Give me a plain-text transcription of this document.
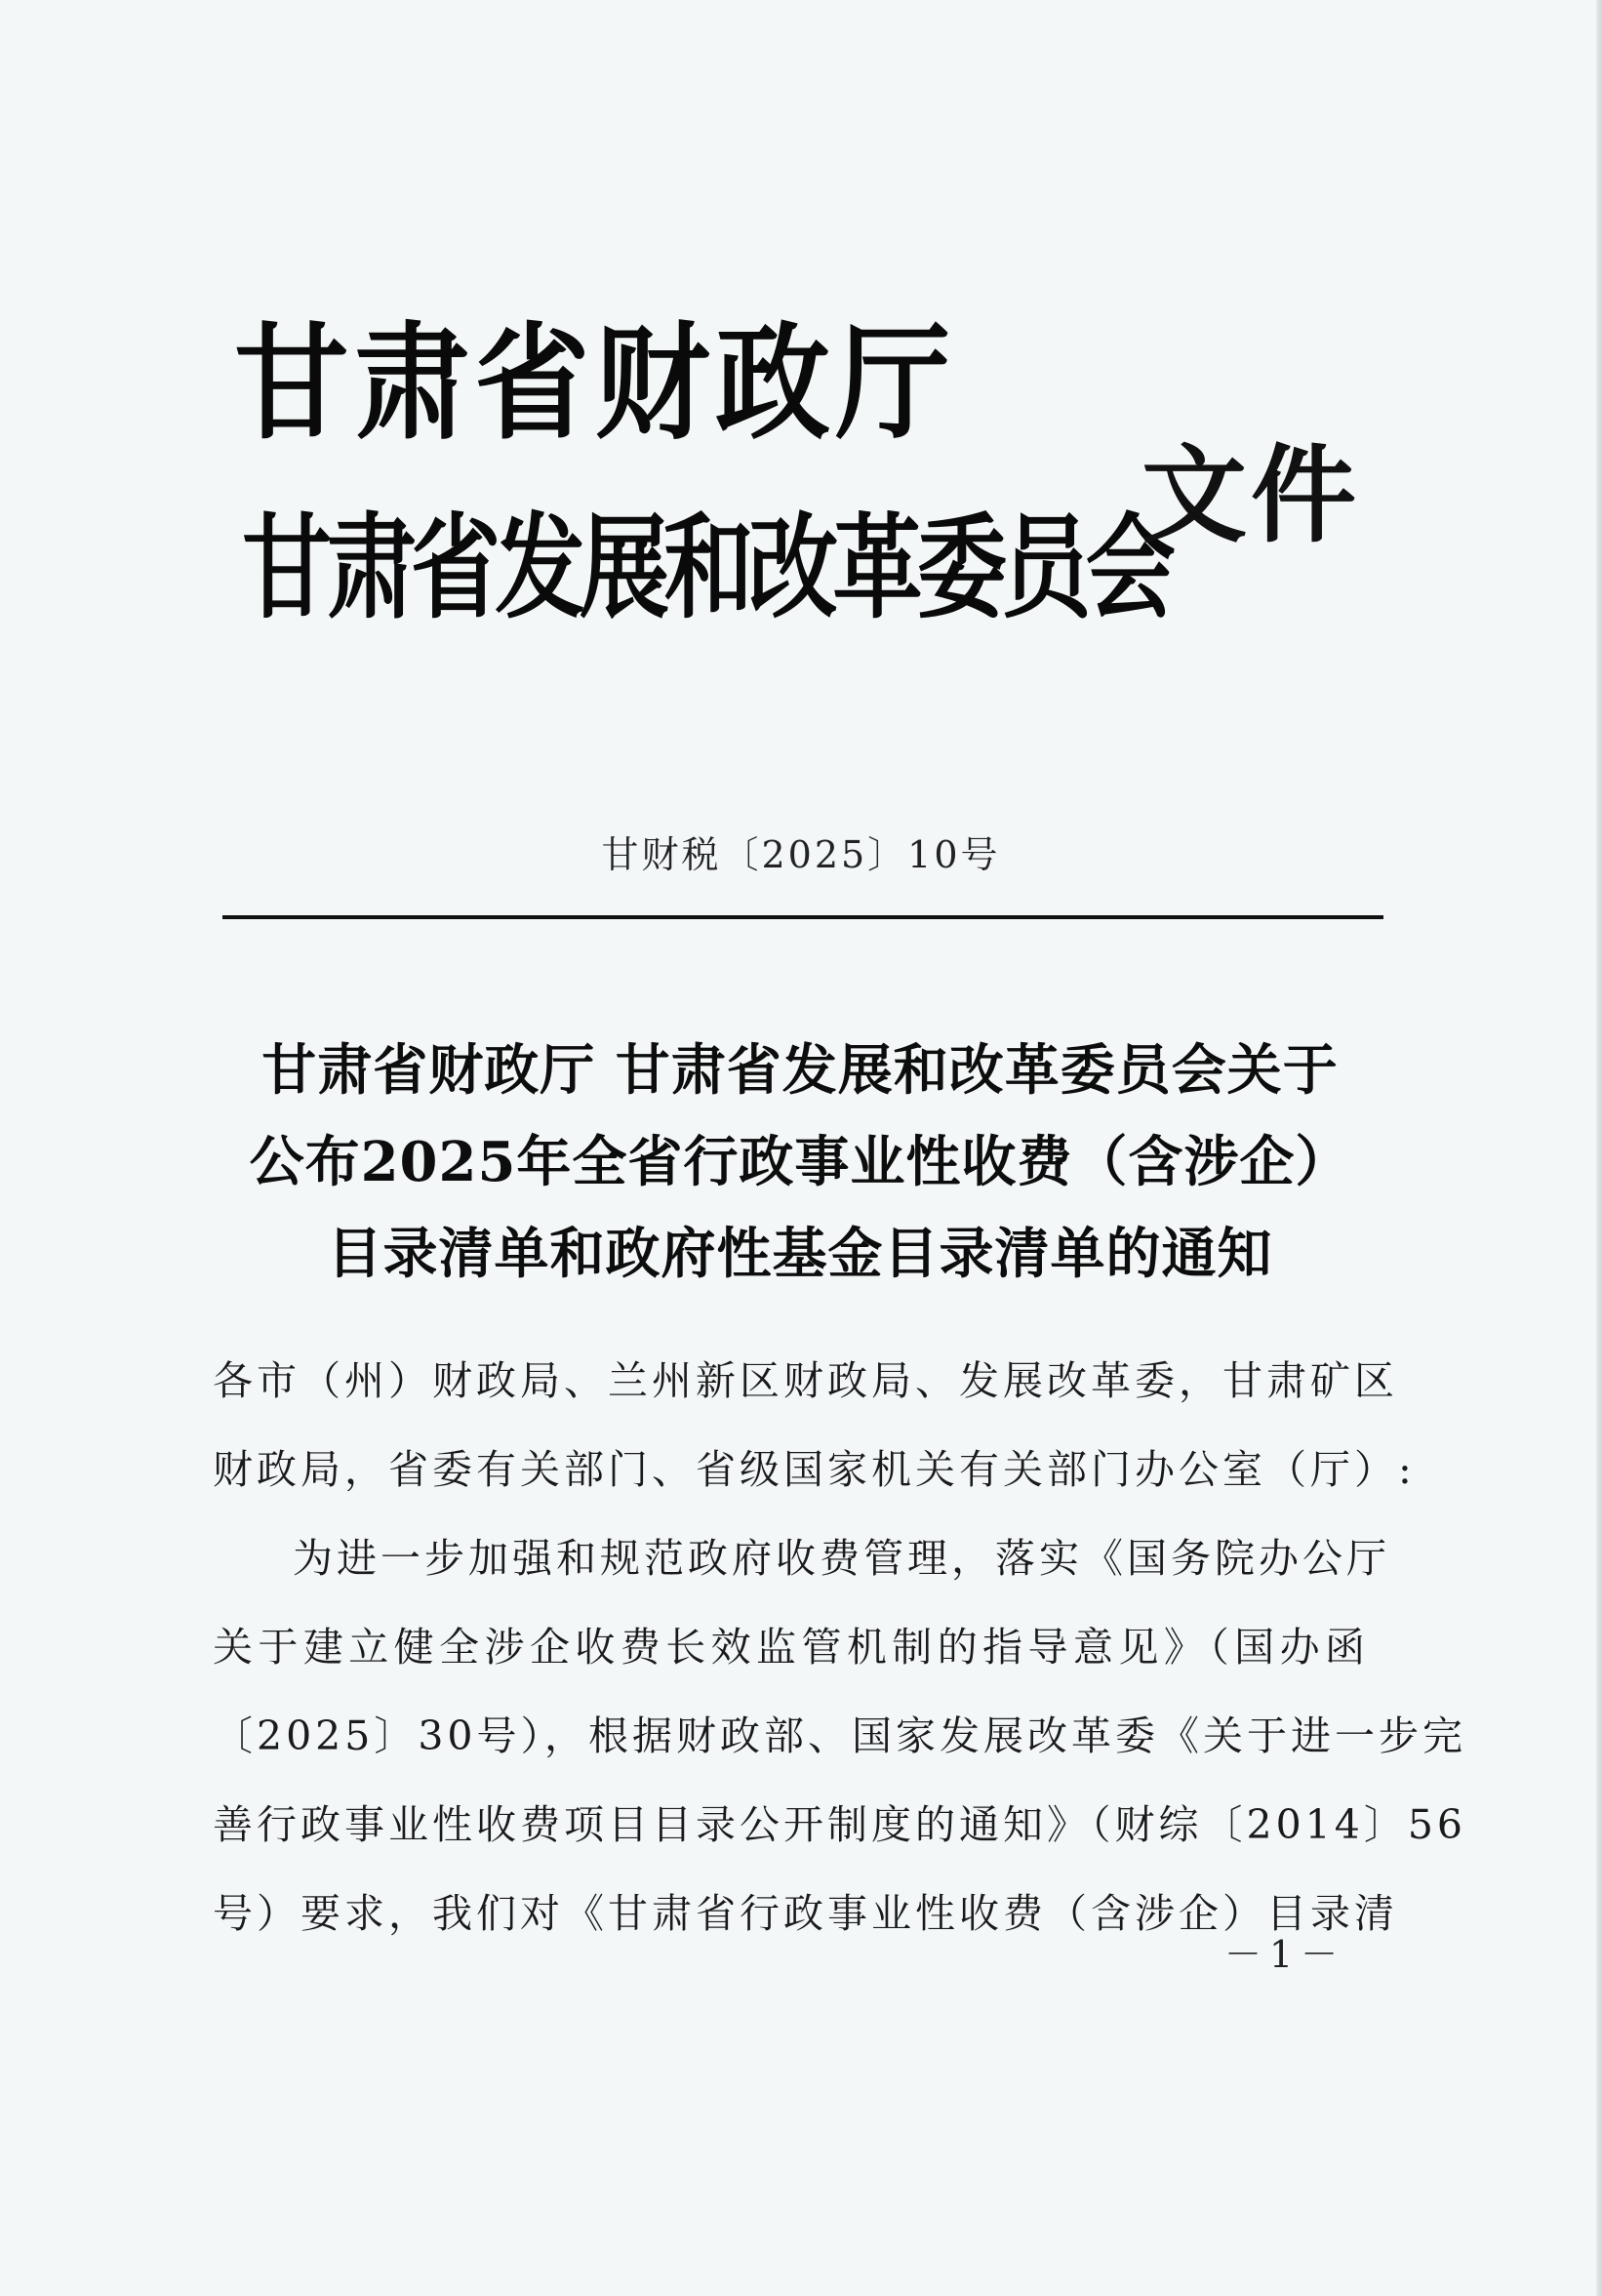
甘肃省财政厅
甘肃省发展和改革委员会
文件
甘财税〔2025〕10号
甘肃省财政厅 甘肃省发展和改革委员会关于
公布2025年全省行政事业性收费（含涉企）
目录清单和政府性基金目录清单的通知
各市（州）财政局、兰州新区财政局、发展改革委，甘肃矿区
财政局，省委有关部门、省级国家机关有关部门办公室（厅）:
为进一步加强和规范政府收费管理，落实《国务院办公厅
关于建立健全涉企收费长效监管机制的指导意见》（国办函
〔2025〕30号），根据财政部、国家发展改革委《关于进一步完
善行政事业性收费项目目录公开制度的通知》（财综〔2014〕56
号）要求，我们对《甘肃省行政事业性收费（含涉企）目录清
－1－
